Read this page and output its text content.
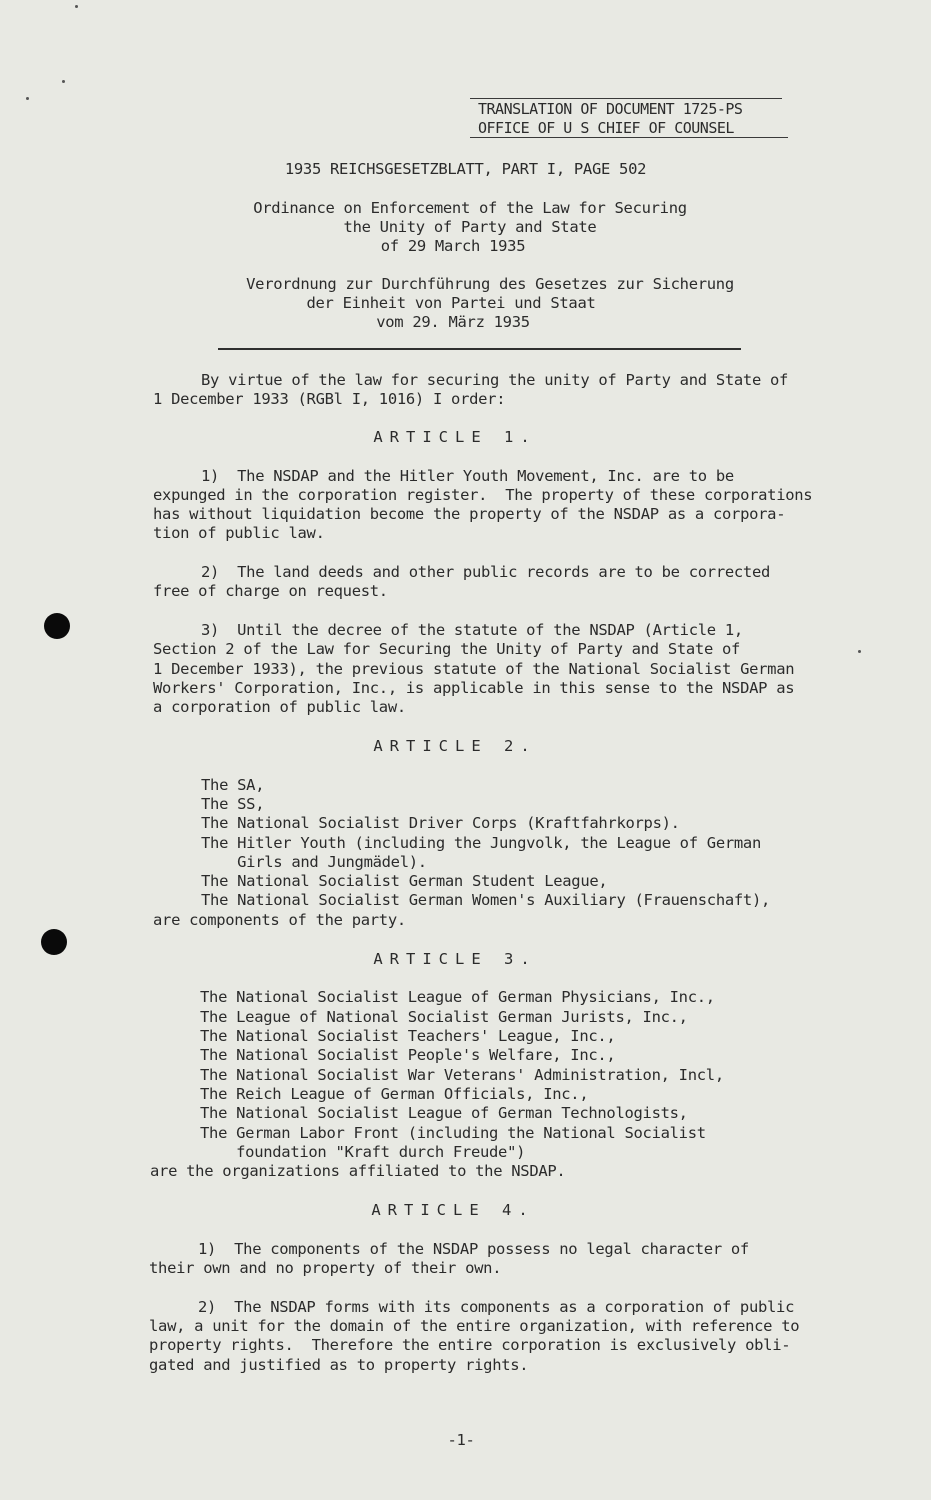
TRANSLATION OF DOCUMENT 1725-PS
OFFICE OF U S CHIEF OF COUNSEL
1935 REICHSGESETZBLATT, PART I, PAGE 502
Ordinance on Enforcement of the Law for Securing
the Unity of Party and State
of 29 March 1935
Verordnung zur Durchführung des Gesetzes zur Sicherung
der Einheit von Partei und Staat
vom 29. März 1935
By virtue of the law for securing the unity of Party and State of
1 December 1933 (RGBl I, 1016) I order:
ARTICLE 1.
1)  The NSDAP and the Hitler Youth Movement, Inc. are to be
expunged in the corporation register.  The property of these corporations
has without liquidation become the property of the NSDAP as a corpora-
tion of public law.
2)  The land deeds and other public records are to be corrected
free of charge on request.
3)  Until the decree of the statute of the NSDAP (Article 1,
Section 2 of the Law for Securing the Unity of Party and State of
1 December 1933), the previous statute of the National Socialist German
Workers' Corporation, Inc., is applicable in this sense to the NSDAP as
a corporation of public law.
ARTICLE 2.
The SA,
The SS,
The National Socialist Driver Corps (Kraftfahrkorps).
The Hitler Youth (including the Jungvolk, the League of German
Girls and Jungmädel).
The National Socialist German Student League,
The National Socialist German Women's Auxiliary (Frauenschaft),
are components of the party.
ARTICLE 3.
The National Socialist League of German Physicians, Inc.,
The League of National Socialist German Jurists, Inc.,
The National Socialist Teachers' League, Inc.,
The National Socialist People's Welfare, Inc.,
The National Socialist War Veterans' Administration, Incl,
The Reich League of German Officials, Inc.,
The National Socialist League of German Technologists,
The German Labor Front (including the National Socialist
foundation "Kraft durch Freude")
are the organizations affiliated to the NSDAP.
ARTICLE 4.
1)  The components of the NSDAP possess no legal character of
their own and no property of their own.
2)  The NSDAP forms with its components as a corporation of public
law, a unit for the domain of the entire organization, with reference to
property rights.  Therefore the entire corporation is exclusively obli-
gated and justified as to property rights.
-1-
